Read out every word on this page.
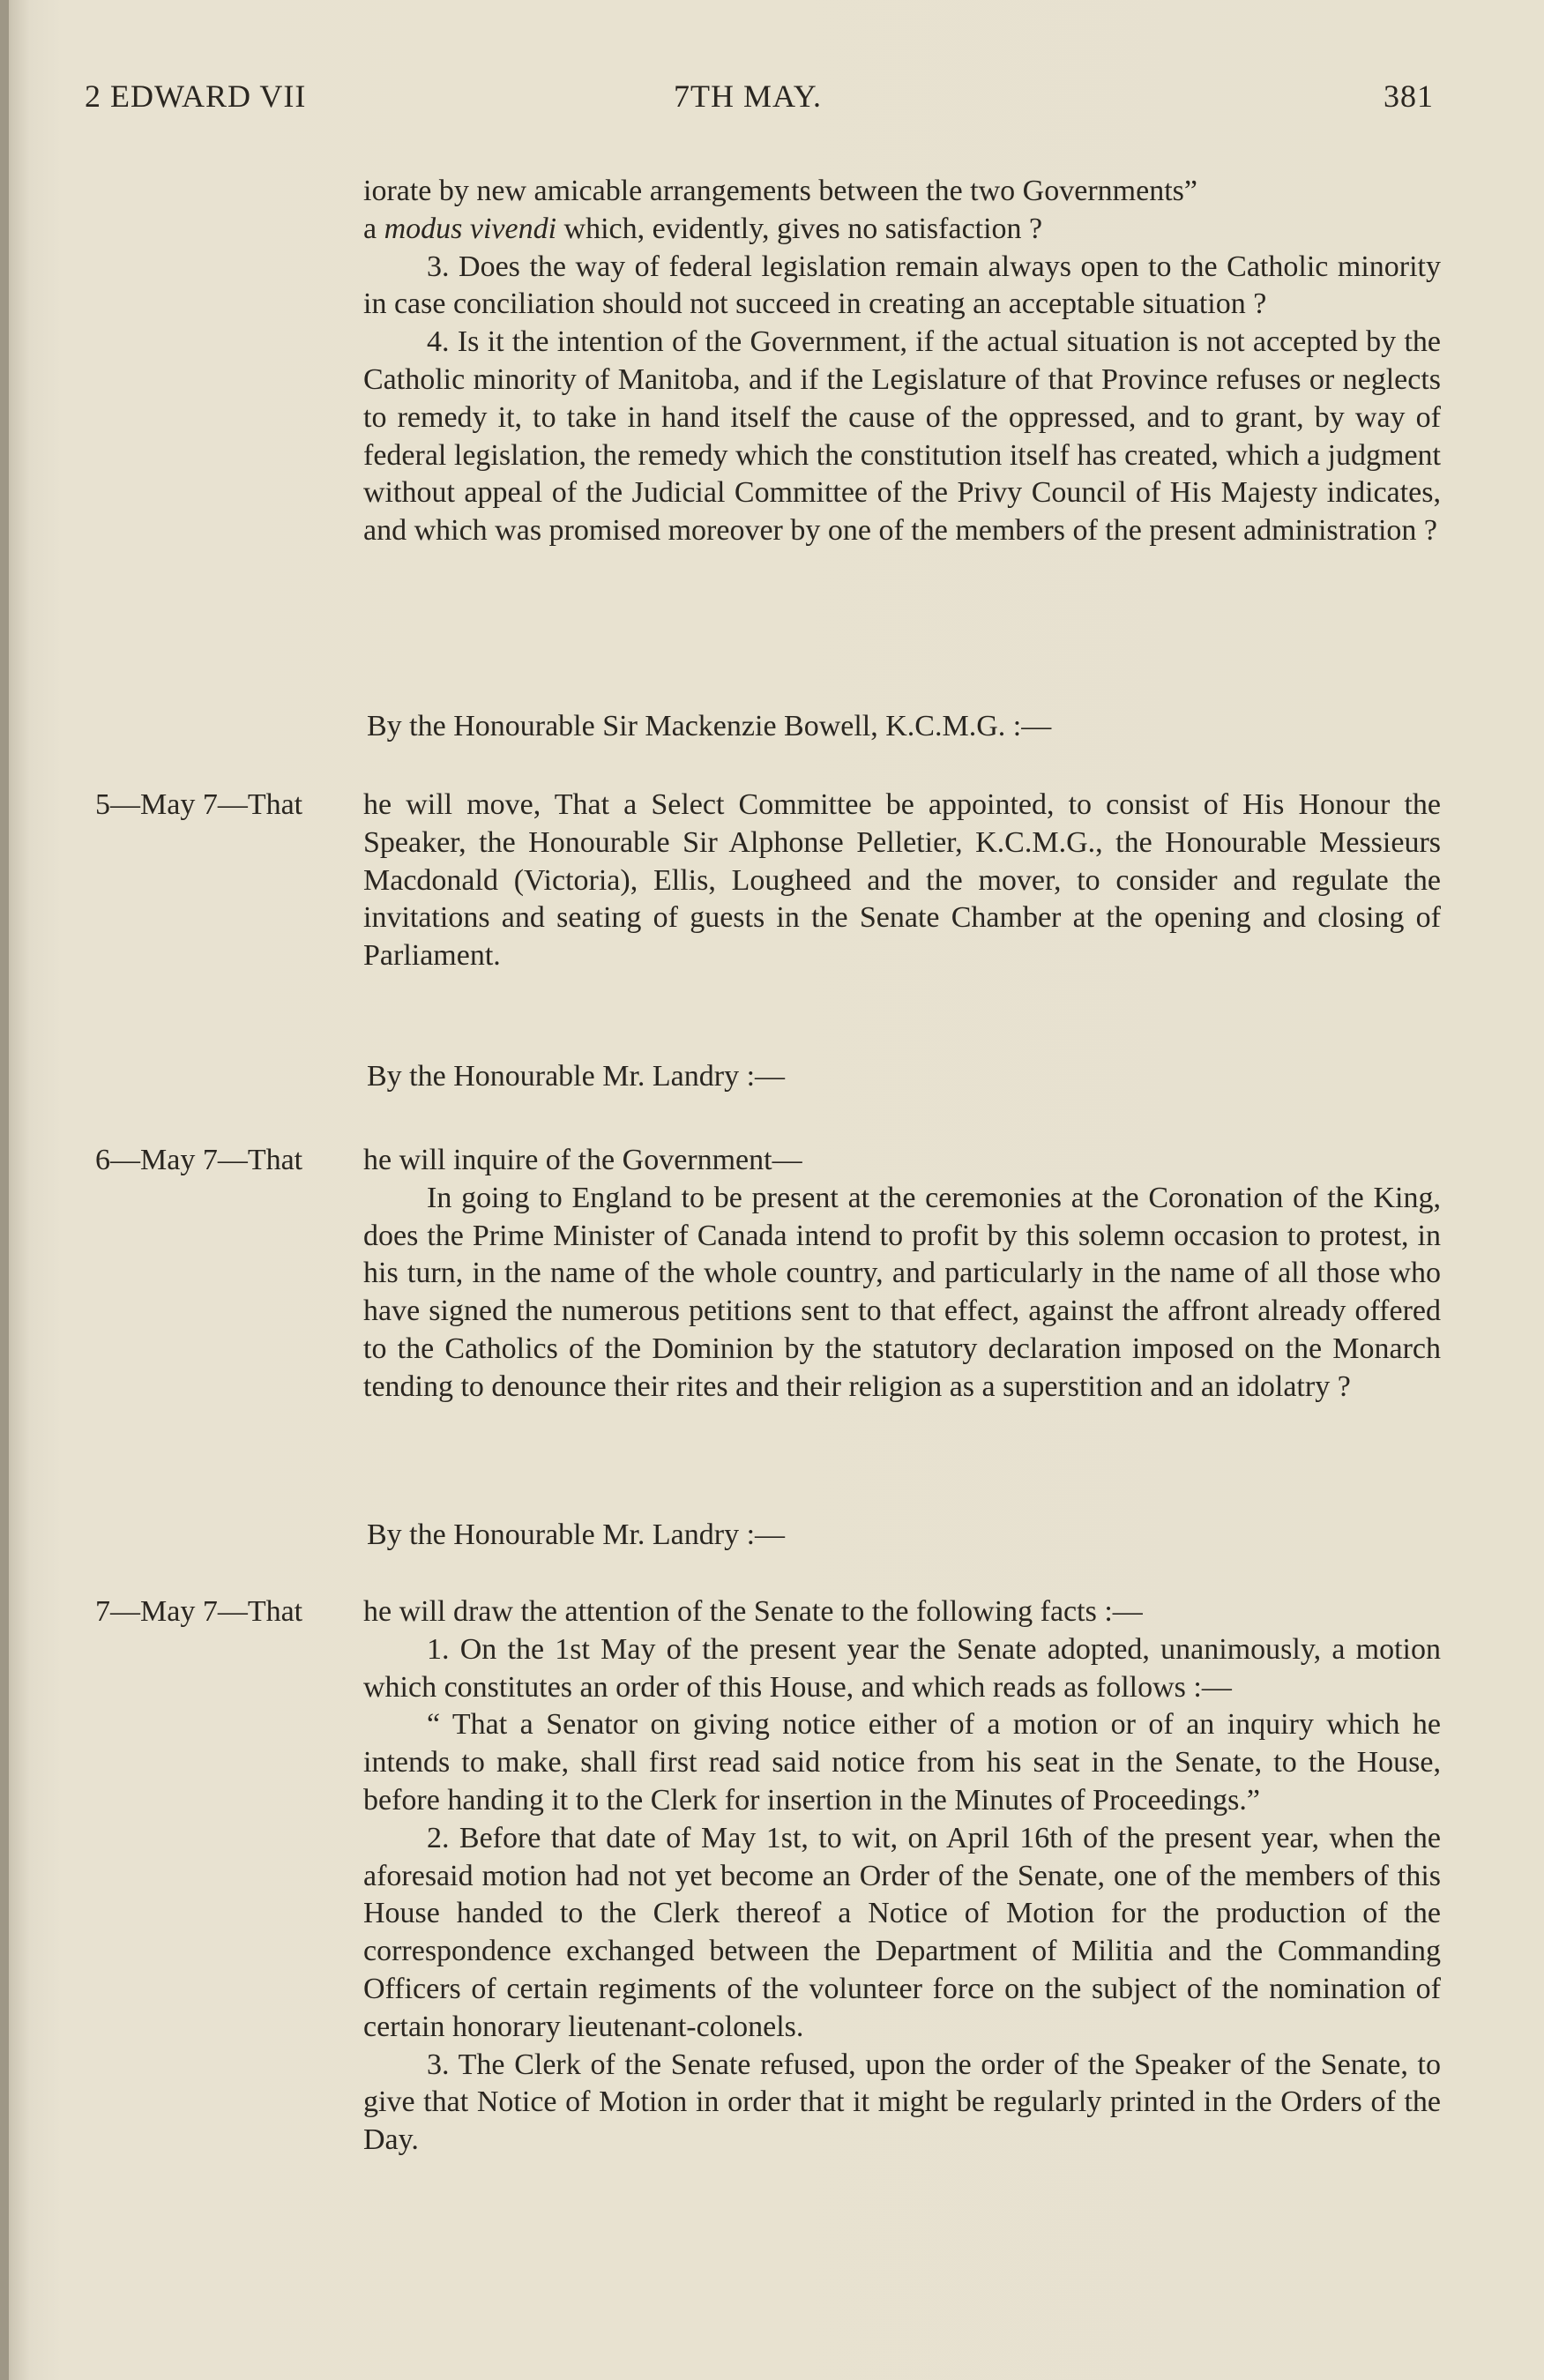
2 EDWARD VII	7TH MAY.	381

iorate by new amicable arrangements between the two Governments”

a modus vivendi which, evidently, gives no satisfaction ?

3. Does the way of federal legislation remain always open to the Catholic minority in case conciliation should not succeed in creating an acceptable situation ?

4. Is it the intention of the Government, if the actual situation is not accepted by the Catholic minority of Manitoba, and if the Legislature of that Province refuses or neglects to remedy it, to take in hand itself the cause of the oppressed, and to grant, by way of federal legislation, the remedy which the constitution itself has created, which a judgment without appeal of the Judicial Committee of the Privy Council of His Majesty indicates, and which was promised moreover by one of the members of the present administration ?

By the Honourable Sir Mackenzie Bowell, K.C.M.G. :—
5—May 7—That	he will move, That a Select Committee be appointed, to consist of His Honour the Speaker, the Honourable Sir Alphonse Pelletier, K.C.M.G., the Honourable Messieurs Macdonald (Victoria), Ellis, Lougheed and the mover, to consider and regulate the invitations and seating of guests in the Senate Chamber at the opening and closing of Parliament.

By the Honourable Mr. Landry :—
6—May 7—That	he will inquire of the Government—

In going to England to be present at the ceremonies at the Coronation of the King, does the Prime Minister of Canada intend to profit by this solemn occasion to protest, in his turn, in the name of the whole country, and particularly in the name of all those who have signed the numerous petitions sent to that effect, against the affront already offered to the Catholics of the Dominion by the statutory declaration imposed on the Monarch tending to denounce their rites and their religion as a superstition and an idolatry ?

By the Honourable Mr. Landry :—
7—May 7—That	he will draw the attention of the Senate to the following facts :—

1. On the 1st May of the present year the Senate adopted, unanimously, a motion which constitutes an order of this House, and which reads as follows :—

“ That a Senator on giving notice either of a motion or of an inquiry which he intends to make, shall first read said notice from his seat in the Senate, to the House, before handing it to the Clerk for insertion in the Minutes of Proceedings.”

2. Before that date of May 1st, to wit, on April 16th of the present year, when the aforesaid motion had not yet become an Order of the Senate, one of the members of this House handed to the Clerk thereof a Notice of Motion for the production of the correspondence exchanged between the Department of Militia and the Commanding Officers of certain regiments of the volunteer force on the subject of the nomination of certain honorary lieutenant-colonels.

3. The Clerk of the Senate refused, upon the order of the Speaker of the Senate, to give that Notice of Motion in order that it might be regularly printed in the Orders of the Day.
